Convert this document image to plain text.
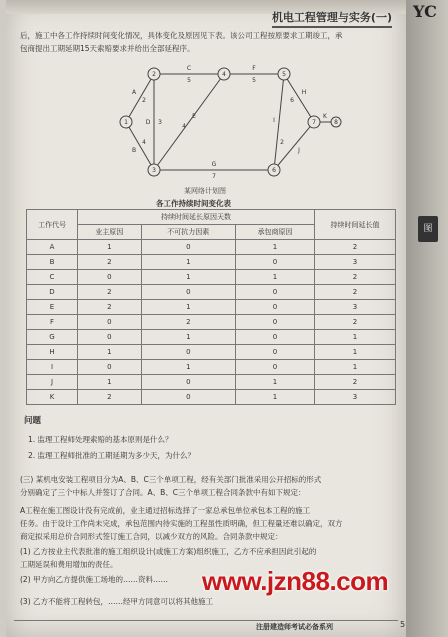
机电工程管理与实务(一)
后，施工中各工作持续时间变化情况，具体变化及原因见下表。该公司工程按原要求工期竣工，承
包商提出工期延期15天索赔要求并给出全部延程序。
1
2
3
4	5
6
7	8
A
B
C
D
E
F
G
H
I
J
K
2
4
5
3
4
5
7
6
2
某网络计划图
各工作持续时间变化表
工作代号	持续时间延长原因天数			持续时间延长值
	业主原因	不可抗力因素	承包商原因	
A	1	0	1	2
B	2	1	0	3
C	0	1	1	2
D	2	0	0	2
E	2	1	0	3
F	0	2	0	2
G	0	1	0	1
H	1	0	0	1
I	0	1	0	1
J	1	0	1	2
K	2	0	1	3
问题
1. 监理工程师处理索赔的基本原则是什么？
2. 监理工程师批准的工期延期为多少天，为什么？
(三) 某机电安装工程项目分为A、B、C三个单项工程，经有关部门批准采用公开招标的形式
分别确定了三个中标人并签订了合同。A、B、C三个单项工程合同条款中有如下规定：
A工程在施工图设计没有完成前，业主通过招标选择了一家总承包单位承包本工程的施工
任务。由于设计工作尚未完成，承包范围内待实施的工程虽性质明确，但工程量还难以确定，双方
商定拟采用总价合同形式签订施工合同，以减少双方的风险。合同条款中规定：
(1) 乙方按业主代表批准的施工组织设计(或施工方案)组织施工，乙方不应承担因此引起的
工期延误和费用增加的责任。
(2) 甲方向乙方提供施工场地的……资料……
(3) 乙方不能将工程转包，……经甲方同意可以将其他施工
www.jzn88.com
注册建造师考试必备系列	5
YC
图
